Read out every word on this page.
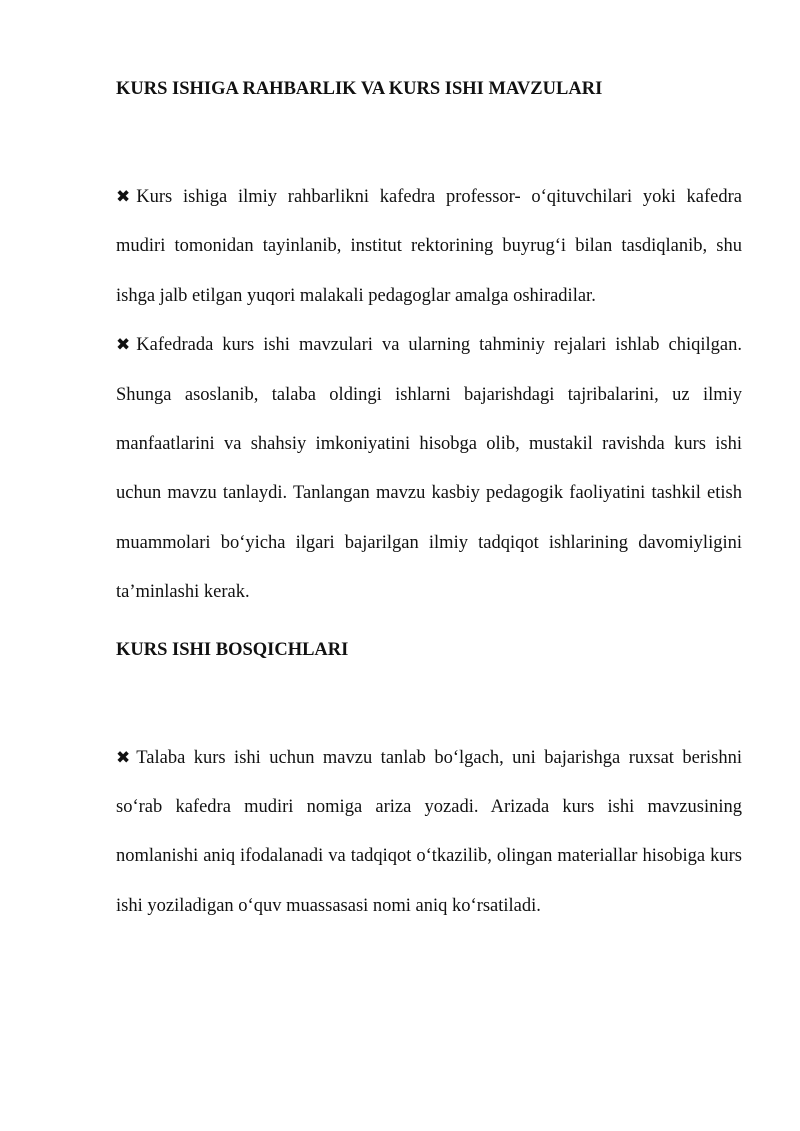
KURS ISHIGA RAHBARLIK VA KURS ISHI MAVZULARI

✖ Kurs ishiga ilmiy rahbarlikni kafedra professor- o‘qituvchilari yoki kafedra mudiri tomonidan tayinlanib, institut rektorining buyrug‘i bilan tasdiqlanib, shu ishga jalb etilgan yuqori malakali pedagoglar amalga oshiradilar.

✖ Kafedrada kurs ishi mavzulari va ularning tahminiy rejalari ishlab chiqilgan. Shunga asoslanib, talaba oldingi ishlarni bajarishdagi tajribalarini, uz ilmiy manfaatlarini va shahsiy imkoniyatini hisobga olib, mustakil ravishda kurs ishi uchun mavzu tanlaydi. Tanlangan mavzu kasbiy pedagogik faoliyatini tashkil etish muammolari bo‘yicha ilgari bajarilgan ilmiy tadqiqot ishlarining davomiyligini ta’minlashi kerak.

KURS ISHI BOSQICHLARI

✖ Talaba kurs ishi uchun mavzu tanlab bo‘lgach, uni bajarishga ruxsat berishni so‘rab kafedra mudiri nomiga ariza yozadi. Arizada kurs ishi mavzusining nomlanishi aniq ifodalanadi va tadqiqot o‘tkazilib, olingan materiallar hisobiga kurs ishi yoziladigan o‘quv muassasasi nomi aniq ko‘rsatiladi.
